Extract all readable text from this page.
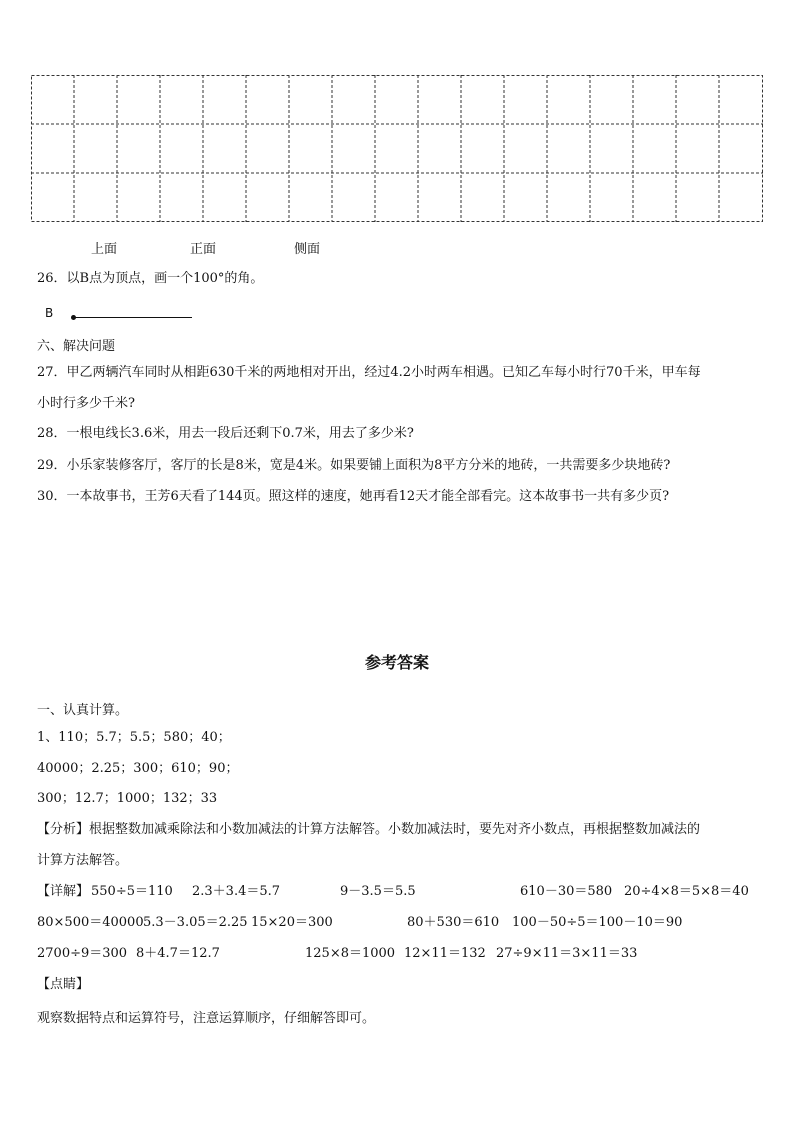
上面	正面	侧面
26．以B点为顶点，画一个100°的角。
B
六、解决问题
27．甲乙两辆汽车同时从相距630千米的两地相对开出，经过4.2小时两车相遇。已知乙车每小时行70千米，甲车每
小时行多少千米?
28．一根电线长3.6米，用去一段后还剩下0.7米，用去了多少米?
29．小乐家装修客厅，客厅的长是8米，宽是4米。如果要铺上面积为8平方分米的地砖，一共需要多少块地砖?
30．一本故事书，王芳6天看了144页。照这样的速度，她再看12天才能全部看完。这本故事书一共有多少页?
参考答案
一、认真计算。
1、110；5.7；5.5；580；40；
40000；2.25；300；610；90；
300；12.7；1000；132；33
【分析】根据整数加减乘除法和小数加减法的计算方法解答。小数加减法时，要先对齐小数点，再根据整数加减法的
计算方法解答。
【详解】 550÷5＝110 2.3＋3.4＝5.7	9－3.5＝5.5	610－30＝580 20÷4×8＝5×8＝40
80×500＝40000 5.3－3.05＝2.25 15×20＝300	80＋530＝610 100－50÷5＝100－10＝90
2700÷9＝300 8＋4.7＝12.7	125×8＝1000 12×11＝132 27÷9×11＝3×11＝33
【点睛】
观察数据特点和运算符号，注意运算顺序，仔细解答即可。
